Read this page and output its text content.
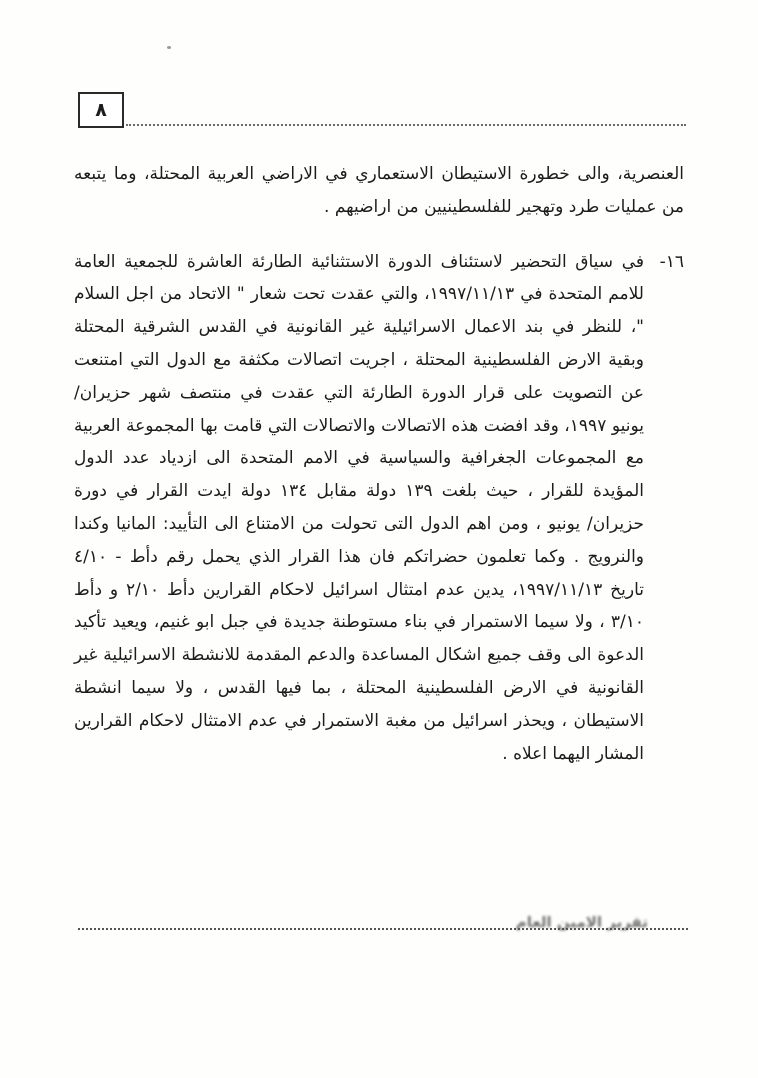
٨

العنصرية، والى خطورة الاستيطان الاستعماري في الاراضي العربية المحتلة، وما يتبعه من عمليات طرد وتهجير للفلسطينيين من اراضيهم .

١٦-

في سياق التحضير لاستئناف الدورة الاستثنائية الطارئة العاشرة للجمعية العامة للامم المتحدة في ١٩٩٧/١١/١٣، والتي عقدت تحت شعار " الاتحاد من اجل السلام "، للنظر في بند الاعمال الاسرائيلية غير القانونية في القدس الشرقية المحتلة وبقية الارض الفلسطينية المحتلة ، اجريت اتصالات مكثفة مع الدول التي امتنعت عن التصويت على قرار الدورة الطارئة التي عقدت في منتصف شهر حزيران/ يونيو ١٩٩٧، وقد افضت هذه الاتصالات والاتصالات التي قامت بها المجموعة العربية مع المجموعات الجغرافية والسياسية في الامم المتحدة الى ازدياد عدد الدول المؤيدة للقرار ، حيث بلغت ١٣٩ دولة مقابل ١٣٤ دولة ايدت القرار في دورة حزيران/ يونيو ، ومن اهم الدول التى تحولت من الامتناع الى التأييد: المانيا وكندا والنرويج . وكما تعلمون حضراتكم فان هذا القرار الذي يحمل رقم دأط - ٤/١٠ تاريخ ١٩٩٧/١١/١٣، يدين عدم امتثال اسرائيل لاحكام القرارين دأط ٢/١٠ و دأط ٣/١٠ ، ولا سيما الاستمرار في بناء مستوطنة جديدة في جبل ابو غنيم، ويعيد تأكيد الدعوة الى وقف جميع اشكال المساعدة والدعم المقدمة للانشطة الاسرائيلية غير القانونية في الارض الفلسطينية المحتلة ، بما فيها القدس ، ولا سيما انشطة الاستيطان ، ويحذر اسرائيل من مغبة الاستمرار في عدم الامتثال لاحكام القرارين المشار اليهما اعلاه .

تقرير الامين العام
